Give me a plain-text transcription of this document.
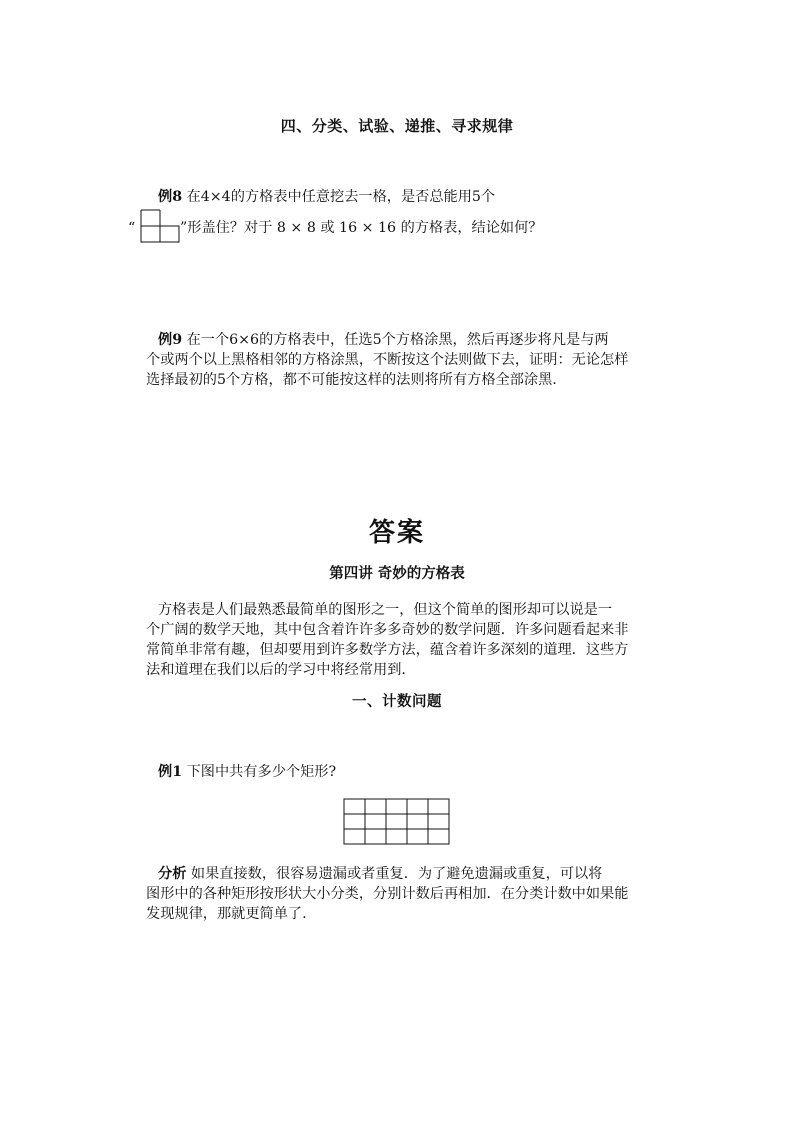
四、分类、试验、递推、寻求规律
例8 在4×4的方格表中任意挖去一格，是否总能用5个
“	”形盖住？对于 8 × 8 或 16 × 16 的方格表，结论如何？
例9 在一个6×6的方格表中，任选5个方格涂黑，然后再逐步将凡是与两
个或两个以上黑格相邻的方格涂黑，不断按这个法则做下去，证明：无论怎样
选择最初的5个方格，都不可能按这样的法则将所有方格全部涂黑.
答案
第四讲 奇妙的方格表
方格表是人们最熟悉最简单的图形之一，但这个简单的图形却可以说是一
个广阔的数学天地，其中包含着许许多多奇妙的数学问题．许多问题看起来非
常简单非常有趣，但却要用到许多数学方法，蕴含着许多深刻的道理．这些方
法和道理在我们以后的学习中将经常用到.
一、计数问题
例1 下图中共有多少个矩形?
分析 如果直接数，很容易遗漏或者重复．为了避免遗漏或重复，可以将
图形中的各种矩形按形状大小分类，分别计数后再相加．在分类计数中如果能
发现规律，那就更简单了.
